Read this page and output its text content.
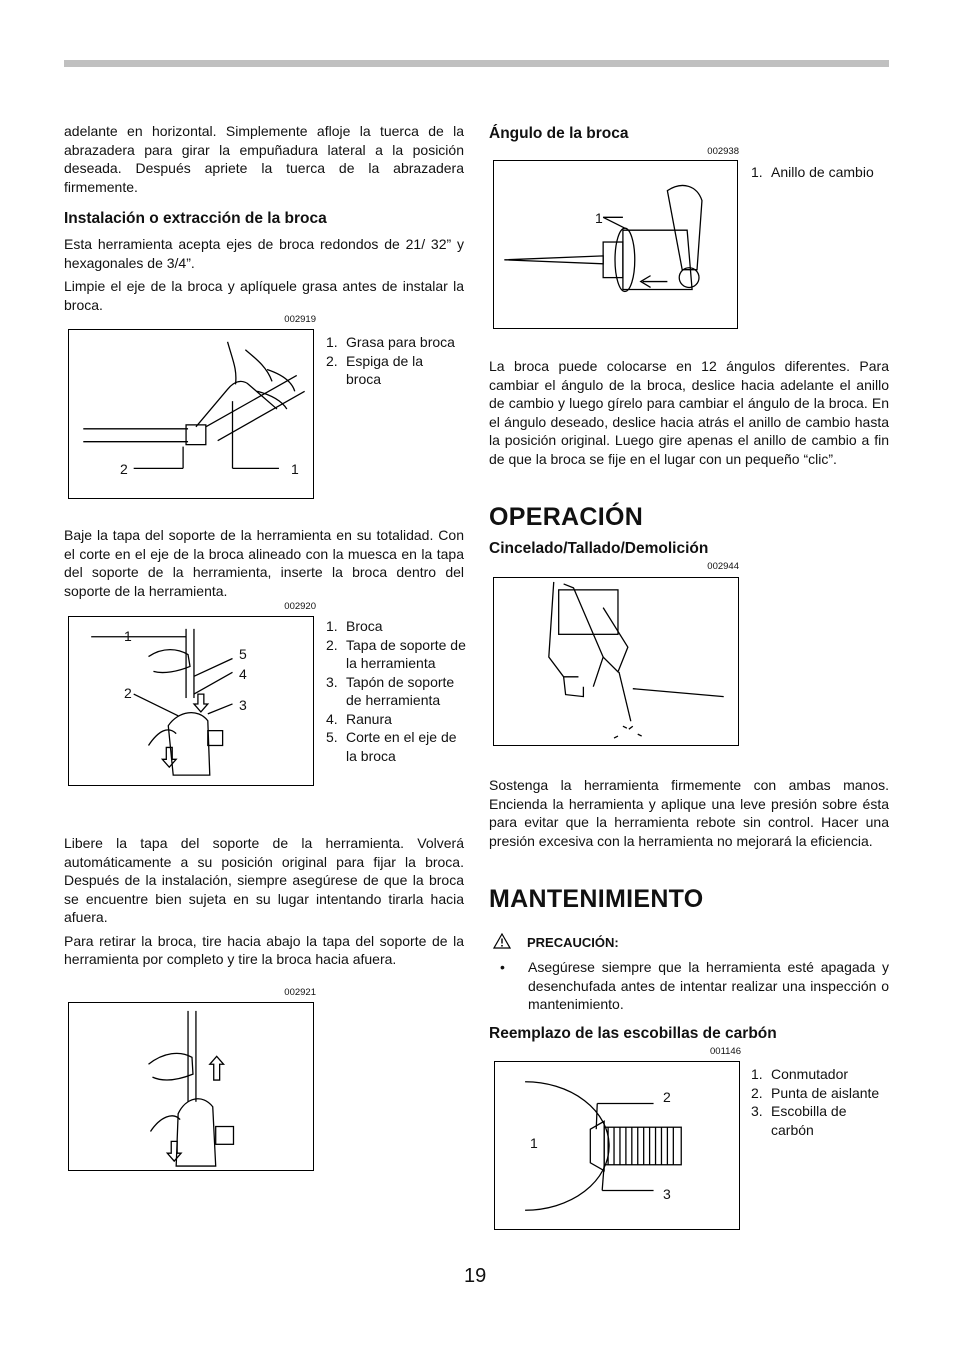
adelante en horizontal. Simplemente afloje la tuerca de la abrazadera para girar la empuñadura lateral a la posición deseada. Después apriete la tuerca de la abrazadera firmemente.

Instalación o extracción de la broca

Esta herramienta acepta ejes de broca redondos de 21/ 32” y hexagonales de 3/4”.

Limpie el eje de la broca y aplíquele grasa antes de instalar la broca.

002919
2	1
1. Grasa para broca
2. Espiga de la broca

Baje la tapa del soporte de la herramienta en su totalidad. Con el corte en el eje de la broca alineado con la muesca en la tapa del soporte de la herramienta, inserte la broca dentro del soporte de la herramienta.

002920
1
2
5
4
3
1. Broca
2. Tapa de soporte de la herramienta
3. Tapón de soporte de herramienta
4. Ranura
5. Corte en el eje de la broca

Libere la tapa del soporte de la herramienta. Volverá automáticamente a su posición original para fijar la broca. Después de la instalación, siempre asegúrese de que la broca se encuentre bien sujeta en su lugar intentando tirarla hacia afuera.

Para retirar la broca, tire hacia abajo la tapa del soporte de la herramienta por completo y tire la broca hacia afuera.

002921
Ángulo de la broca
002938
1
1. Anillo de cambio

La broca puede colocarse en 12 ángulos diferentes. Para cambiar el ángulo de la broca, deslice hacia adelante el anillo de cambio y luego gírelo para cambiar el ángulo de la broca. En el ángulo deseado, deslice hacia atrás el anillo de cambio hasta la posición original. Luego gire apenas el anillo de cambio a fin de que la broca se fije en el lugar con un pequeño “clic”.

OPERACIÓN
Cincelado/Tallado/Demolición
002944

Sostenga la herramienta firmemente con ambas manos. Encienda la herramienta y aplique una leve presión sobre ésta para evitar que la herramienta rebote sin control. Hacer una presión excesiva con la herramienta no mejorará la eficiencia.

MANTENIMIENTO
PRECAUCIÓN:
• Asegúrese siempre que la herramienta esté apagada y desenchufada antes de intentar realizar una inspección o mantenimiento.
Reemplazo de las escobillas de carbón
001146
1
2
3
1. Conmutador
2. Punta de aislante
3. Escobilla de carbón
19
